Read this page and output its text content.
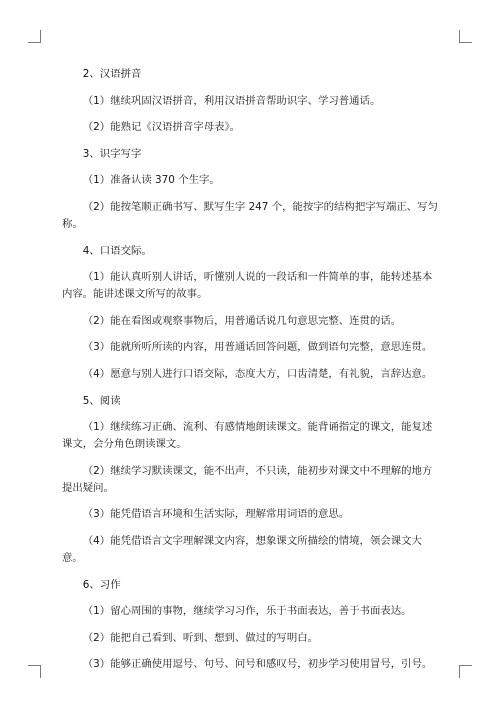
2、汉语拼音

（1）继续巩固汉语拼音，利用汉语拼音帮助识字、学习普通话。

（2）能熟记《汉语拼音字母表》。

3、识字写字

（1）准备认读 370 个生字。

（2）能按笔顺正确书写、默写生字 247 个，能按字的结构把字写端正、写匀称。

4、口语交际。

（1）能认真听别人讲话，听懂别人说的一段话和一件简单的事，能转述基本内容。能讲述课文所写的故事。

（2）能在看图或观察事物后，用普通话说几句意思完整、连贯的话。

（3）能就所听所读的内容，用普通话回答问题，做到语句完整，意思连贯。

（4）愿意与别人进行口语交际，态度大方，口齿清楚，有礼貌，言辞达意。

5、阅读

（1）继续练习正确、流利、有感情地朗读课文。能背诵指定的课文，能复述课文，会分角色朗读课文。

（2）继续学习默读课文，能不出声，不只读，能初步对课文中不理解的地方提出疑问。

（3）能凭借语言环境和生活实际，理解常用词语的意思。

（4）能凭借语言文字理解课文内容，想象课文所描绘的情境，领会课文大意。

6、习作

（1）留心周围的事物，继续学习习作，乐于书面表达，善于书面表达。

（2）能把自己看到、听到、想到、做过的写明白。

（3）能够正确使用逗号、句号、问号和感叹号，初步学习使用冒号，引号。
